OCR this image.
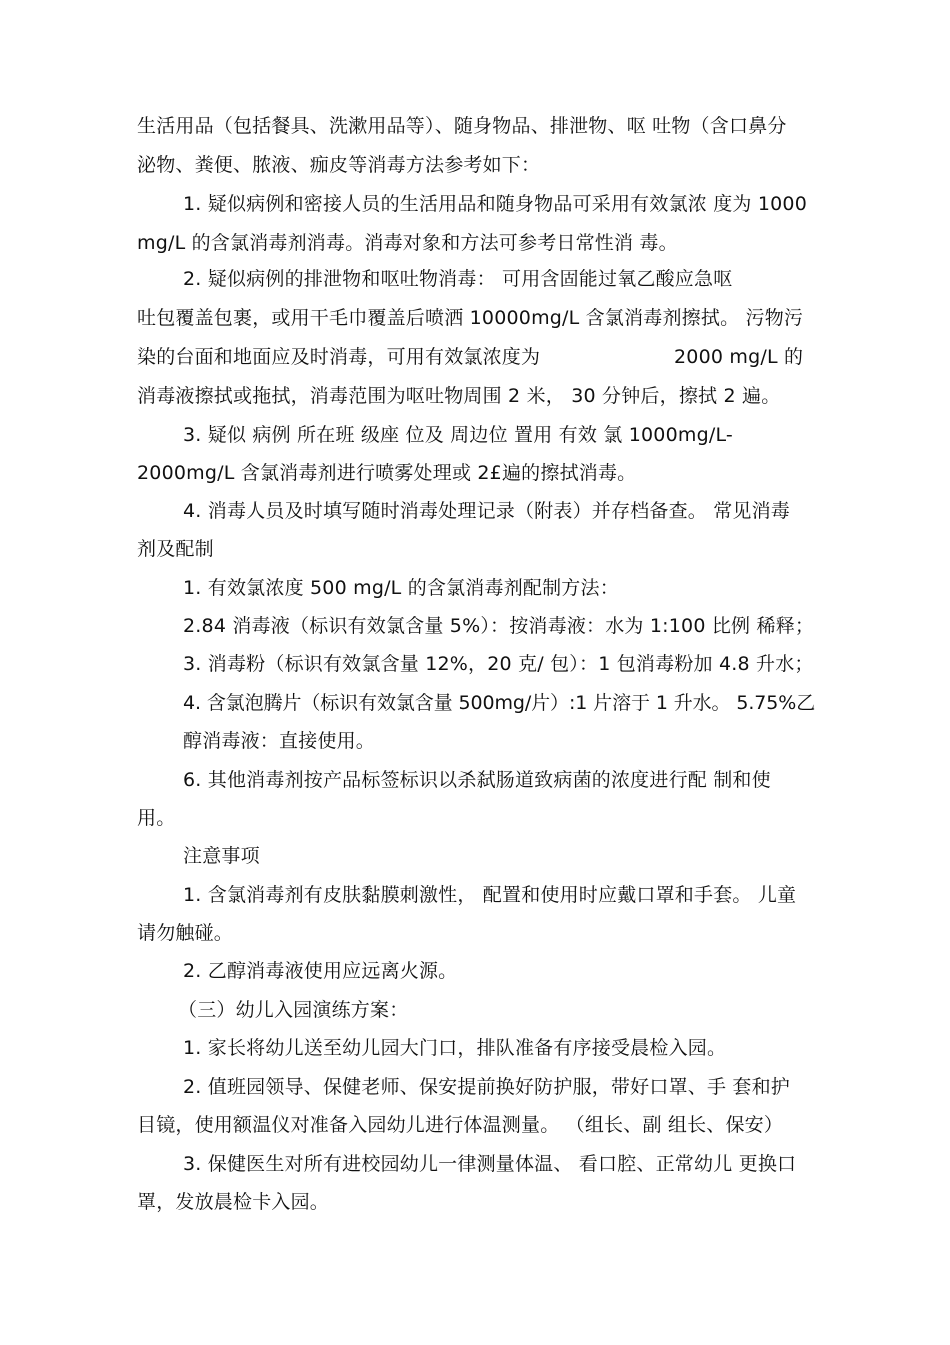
生活用品（包括餐具、洗漱用品等）、随身物品、排泄物、呕 吐物（含口鼻分
泌物、粪便、脓液、痂皮等消毒方法参考如下：
1. 疑似病例和密接人员的生活用品和随身物品可采用有效氯浓 度为 1000
mg/L 的含氯消毒剂消毒。消毒对象和方法可参考日常性消 毒。
2. 疑似病例的排泄物和呕吐物消毒： 可用含固能过氧乙酸应急呕
吐包覆盖包裹，或用干毛巾覆盖后喷洒 10000mg/L 含氯消毒剂擦拭。 污物污
染的台面和地面应及时消毒，可用有效氯浓度为	2000 mg/L 的
消毒液擦拭或拖拭，消毒范围为呕吐物周围 2 米， 30 分钟后，擦拭 2 遍。
3. 疑似 病例 所在班 级座 位及 周边位 置用 有效 氯 1000mg/L-
2000mg/L 含氯消毒剂进行喷雾处理或 2£遍的擦拭消毒。
4. 消毒人员及时填写随时消毒处理记录（附表）并存档备查。 常见消毒
剂及配制
1. 有效氯浓度 500 mg/L 的含氯消毒剂配制方法：
2.84 消毒液（标识有效氯含量 5%）：按消毒液：水为 1:100 比例 稀释；
3. 消毒粉（标识有效氯含量 12%，20 克/ 包）：1 包消毒粉加 4.8 升水；
4. 含氯泡腾片（标识有效氯含量 500mg/片）:1 片溶于 1 升水。 5.75%乙
醇消毒液：直接使用。
6. 其他消毒剂按产品标签标识以杀弑肠道致病菌的浓度进行配 制和使
用。
注意事项
1. 含氯消毒剂有皮肤黏膜刺激性， 配置和使用时应戴口罩和手套。 儿童
请勿触碰。
2. 乙醇消毒液使用应远离火源。
（三）幼儿入园演练方案：
1. 家长将幼儿送至幼儿园大门口，排队准备有序接受晨检入园。
2. 值班园领导、保健老师、保安提前换好防护服，带好口罩、手 套和护
目镜，使用额温仪对准备入园幼儿进行体温测量。 （组长、副 组长、保安）
3. 保健医生对所有进校园幼儿一律测量体温、 看口腔、正常幼儿 更换口
罩，发放晨检卡入园。
